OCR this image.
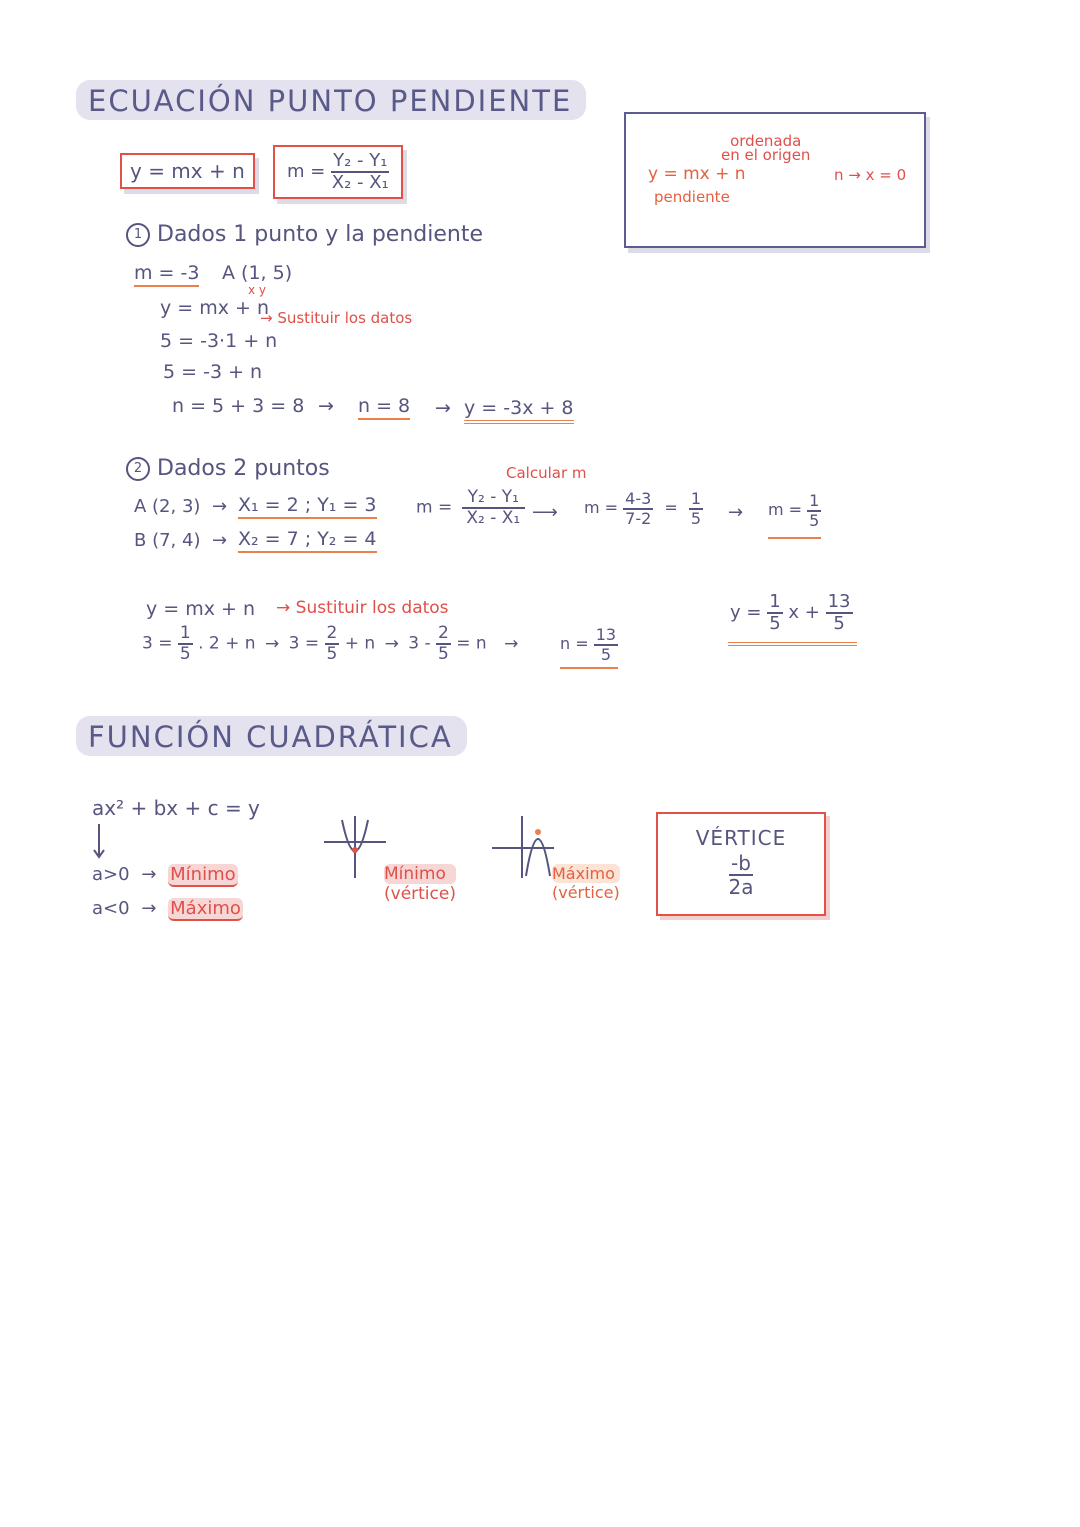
ECUACIÓN PUNTO PENDIENTE
y = mx + n	$m = \frac{\text{Y₂ - Y₁}}{\text{X₂ - X₁}}$
ordenada
en el origen
y = mx + n
pendiente
n → x = 0
1 Dados 1 punto y la pendiente
m = -3 A (1, 5)
x y
y = mx + n
→ Sustituir los datos
5 = -3·1 + n
5 = -3 + n
n = 5 + 3 = 8 → n = 8 → y = -3x + 8
2 Dados 2 puntos	Calcular m
A (2, 3) → X₁ = 2 ; Y₁ = 3
B (7, 4) → X₂ = 7 ; Y₂ = 4
$m = \frac{\text{Y₂ - Y₁}}{\text{X₂ - X₁}}$ ⟶ $m = \frac{4-3}{7-2} = \frac{1}{5} \to m = \frac{1}{5}$
y = mx + n → Sustituir los datos
$3 = \frac{1}{5}$ . $2 + n \to 3 = \frac{2}{5} + n \to 3 - \frac{2}{5} = n$ →	$n = \frac{13}{5}$
$y = \frac{1}{5}$ $x + \frac{13}{5}$
FUNCIÓN CUADRÁTICA
ax² + bx + c = y
a>0 → Mínimo
a<0 → Máximo
Mínimo
(vértice)
Máximo
(vértice)
VÉRTICE
$\frac{-b}{2a}$
